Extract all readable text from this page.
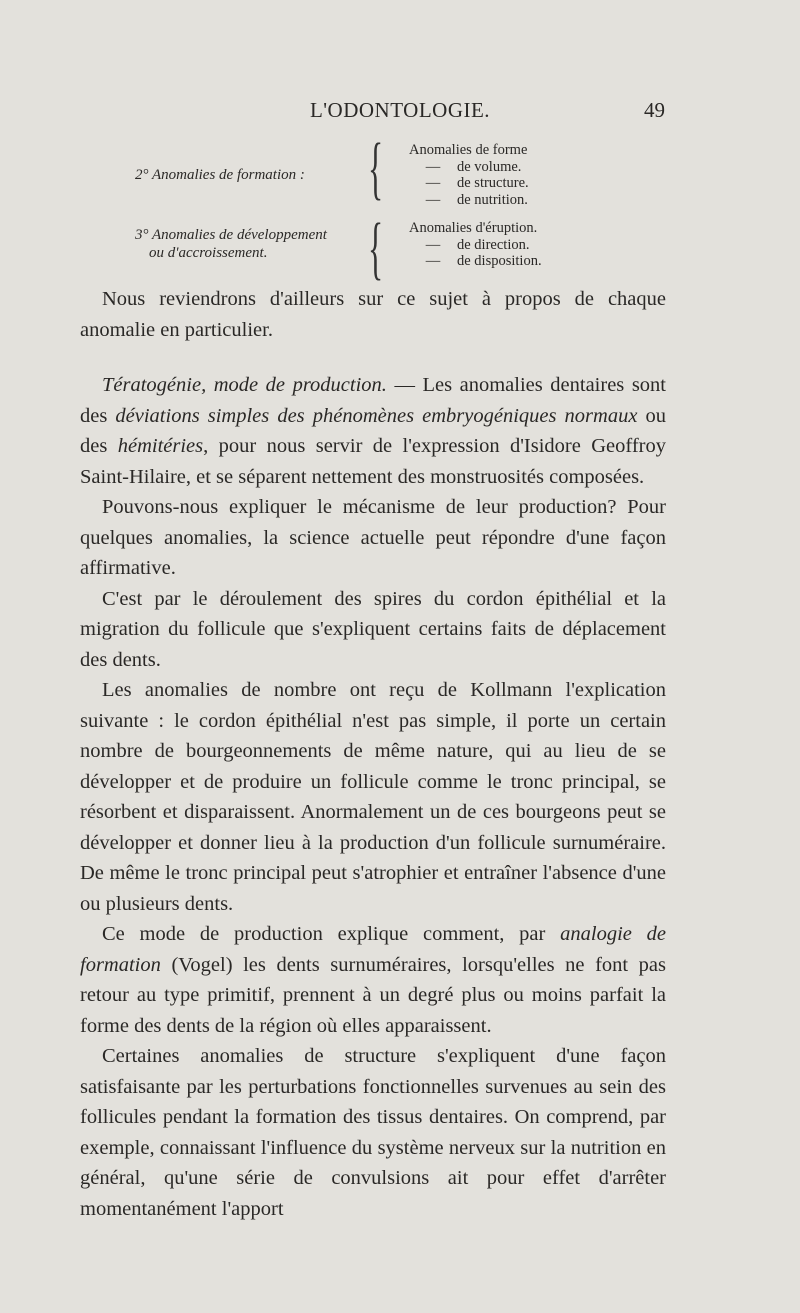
L'ODONTOLOGIE.	49
2° Anomalies de formation : { Anomalies de forme
— de volume.
— de structure.
— de nutrition.
3° Anomalies de développement
ou d'accroissement.	{ Anomalies d'éruption.
— de direction.
— de disposition.

Nous reviendrons d'ailleurs sur ce sujet à propos de chaque anomalie en particulier.

Tératogénie, mode de production. — Les anomalies dentaires sont des déviations simples des phénomènes embryogéniques normaux ou des hémitéries, pour nous servir de l'expression d'Isidore Geoffroy Saint-Hilaire, et se séparent nettement des monstruosités composées.

Pouvons-nous expliquer le mécanisme de leur production? Pour quelques anomalies, la science actuelle peut répondre d'une façon affirmative.

C'est par le déroulement des spires du cordon épithélial et la migration du follicule que s'expliquent certains faits de déplacement des dents.

Les anomalies de nombre ont reçu de Kollmann l'explication suivante : le cordon épithélial n'est pas simple, il porte un certain nombre de bourgeonnements de même nature, qui au lieu de se développer et de produire un follicule comme le tronc principal, se résorbent et disparaissent. Anormalement un de ces bourgeons peut se développer et donner lieu à la production d'un follicule surnuméraire. De même le tronc principal peut s'atrophier et entraîner l'absence d'une ou plusieurs dents.

Ce mode de production explique comment, par analogie de formation (Vogel) les dents surnuméraires, lorsqu'elles ne font pas retour au type primitif, prennent à un degré plus ou moins parfait la forme des dents de la région où elles apparaissent.

Certaines anomalies de structure s'expliquent d'une façon satisfaisante par les perturbations fonctionnelles survenues au sein des follicules pendant la formation des tissus dentaires. On comprend, par exemple, connaissant l'influence du système nerveux sur la nutrition en général, qu'une série de convulsions ait pour effet d'arrêter momentanément l'apport
